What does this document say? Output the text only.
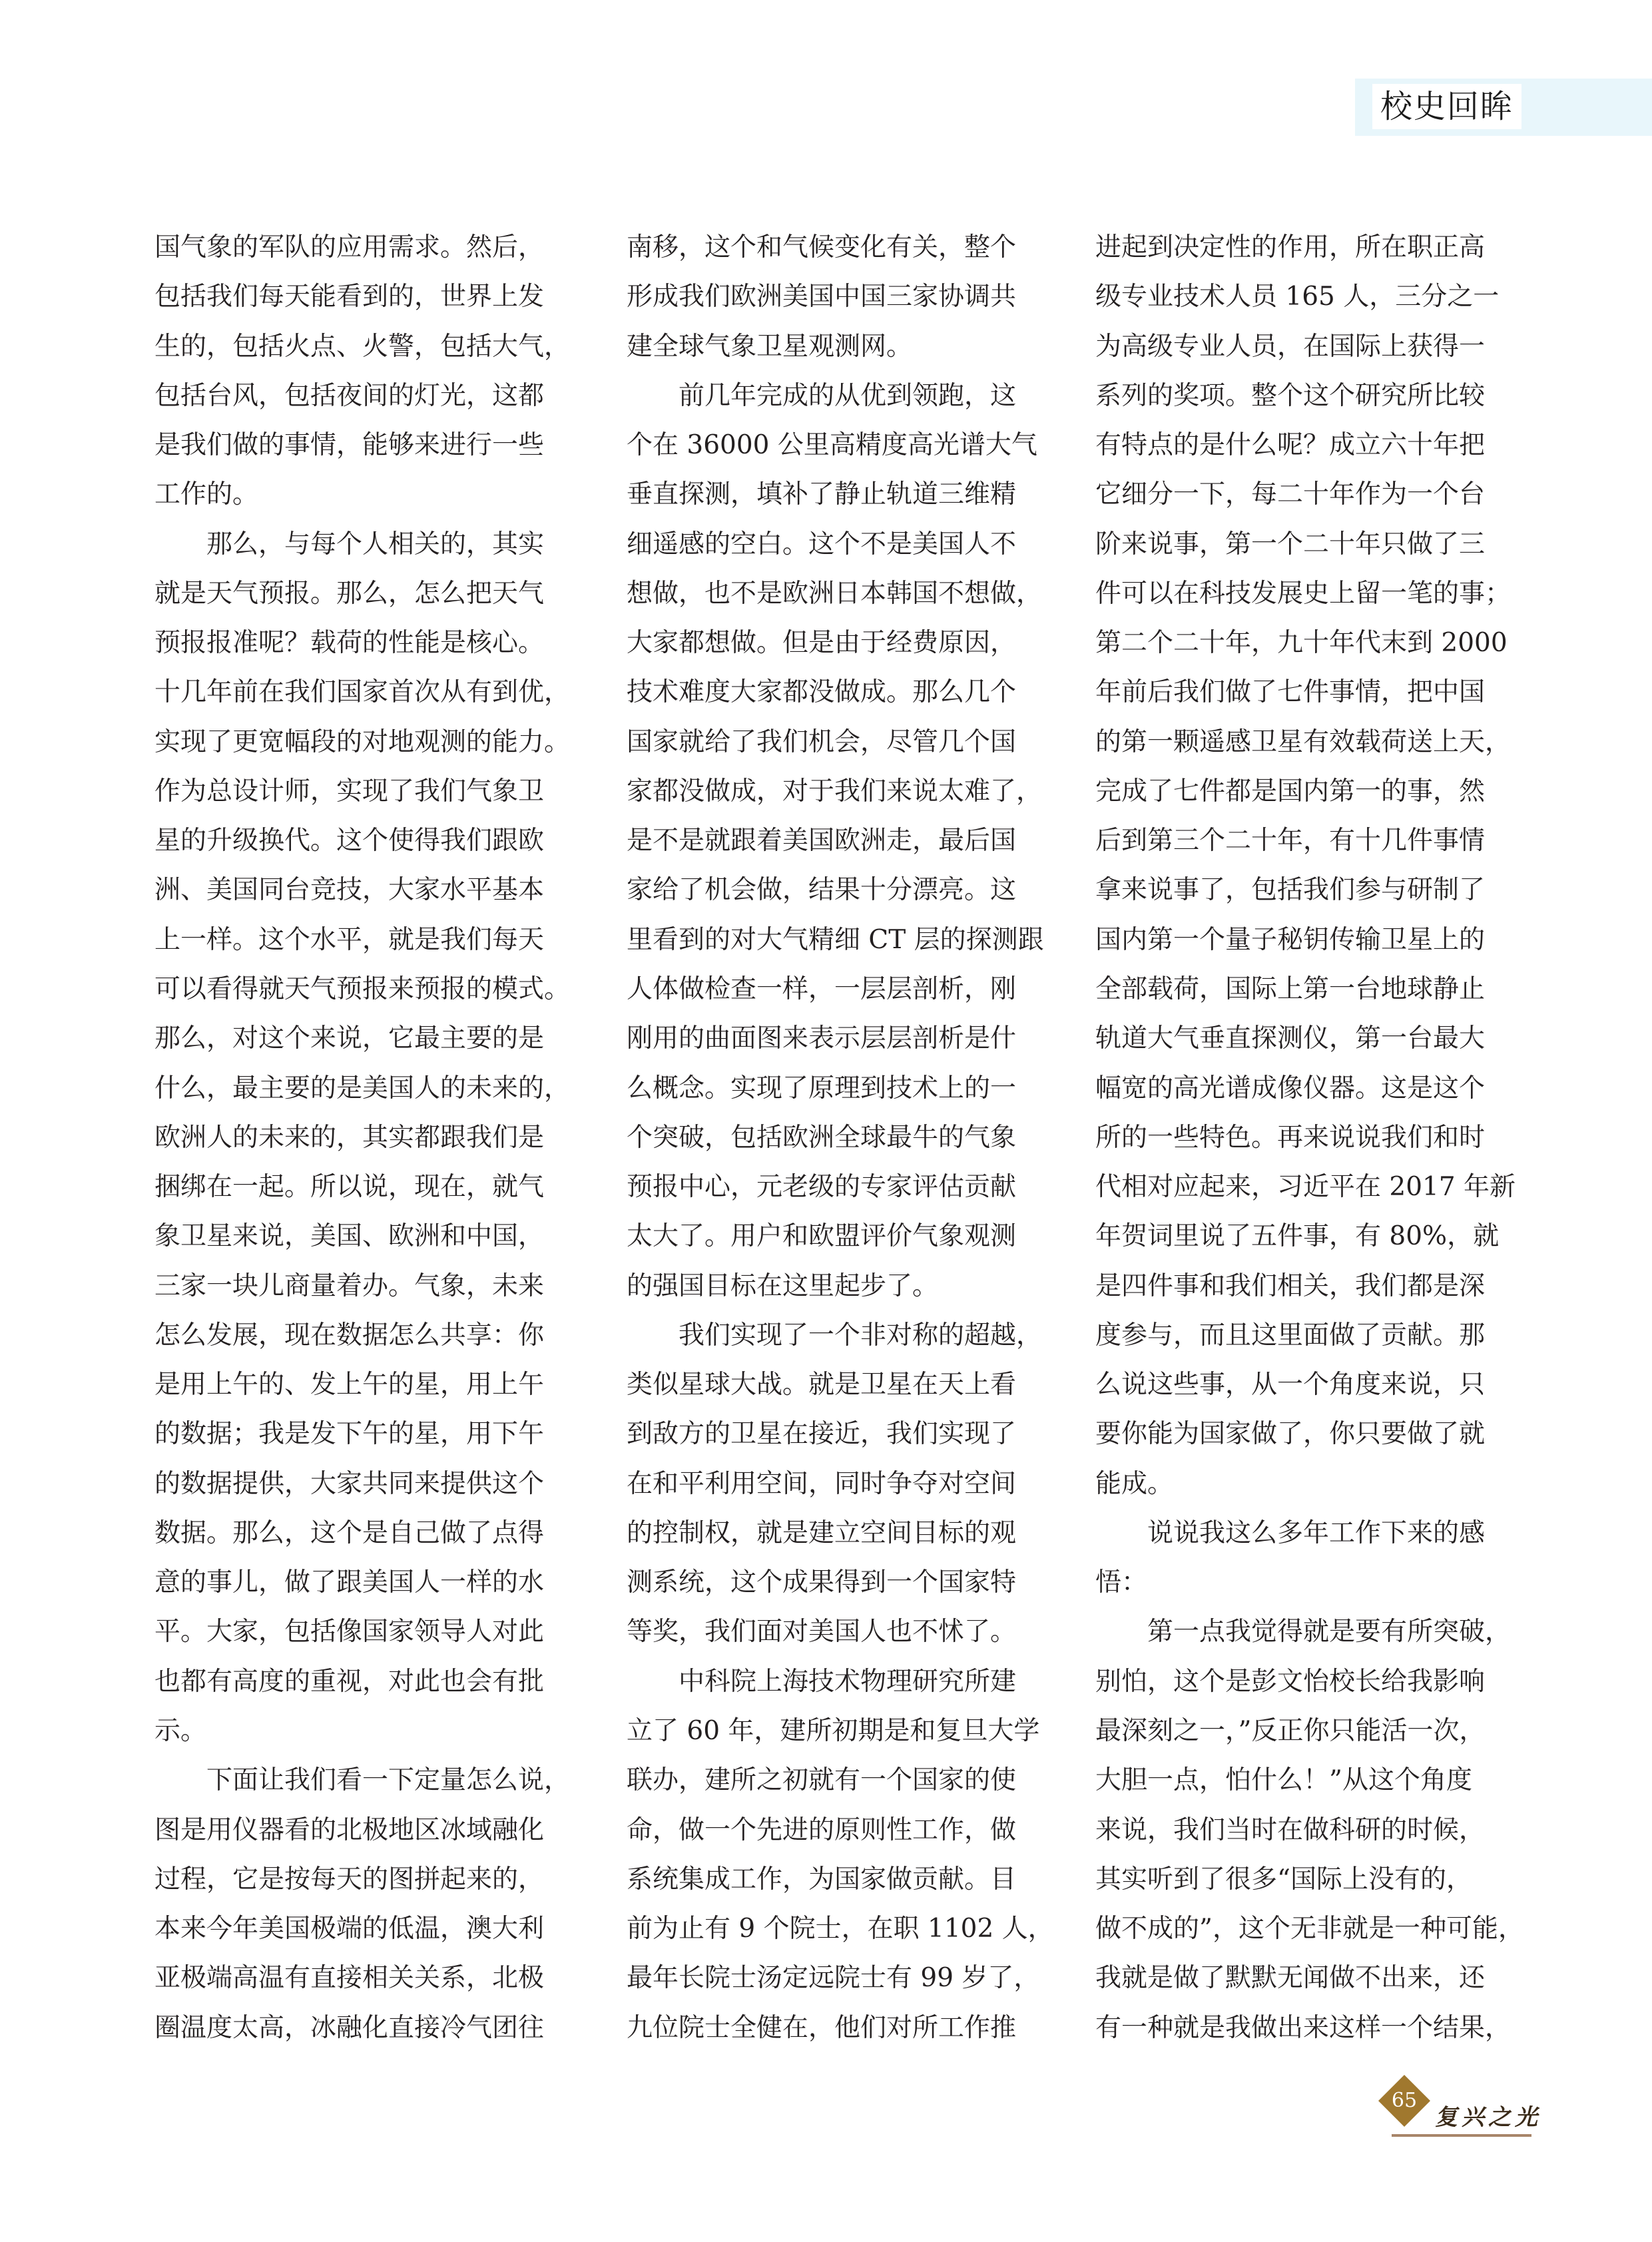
校史回眸
国气象的军队的应用需求。然后，
包括我们每天能看到的，世界上发
生的，包括火点、火警，包括大气，
包括台风，包括夜间的灯光，这都
是我们做的事情，能够来进行一些
工作的。
　　那么，与每个人相关的，其实
就是天气预报。那么，怎么把天气
预报报准呢？载荷的性能是核心。
十几年前在我们国家首次从有到优，
实现了更宽幅段的对地观测的能力。
作为总设计师，实现了我们气象卫
星的升级换代。这个使得我们跟欧
洲、美国同台竞技，大家水平基本
上一样。这个水平，就是我们每天
可以看得就天气预报来预报的模式。
那么，对这个来说，它最主要的是
什么，最主要的是美国人的未来的，
欧洲人的未来的，其实都跟我们是
捆绑在一起。所以说，现在，就气
象卫星来说，美国、欧洲和中国，
三家一块儿商量着办。气象，未来
怎么发展，现在数据怎么共享：你
是用上午的、发上午的星，用上午
的数据；我是发下午的星，用下午
的数据提供，大家共同来提供这个
数据。那么，这个是自己做了点得
意的事儿，做了跟美国人一样的水
平。大家，包括像国家领导人对此
也都有高度的重视，对此也会有批
示。
　　下面让我们看一下定量怎么说，
图是用仪器看的北极地区冰域融化
过程，它是按每天的图拼起来的，
本来今年美国极端的低温，澳大利
亚极端高温有直接相关关系，北极
圈温度太高，冰融化直接冷气团往
南移，这个和气候变化有关，整个
形成我们欧洲美国中国三家协调共
建全球气象卫星观测网。
　　前几年完成的从优到领跑，这
个在 36000 公里高精度高光谱大气
垂直探测，填补了静止轨道三维精
细遥感的空白。这个不是美国人不
想做，也不是欧洲日本韩国不想做，
大家都想做。但是由于经费原因，
技术难度大家都没做成。那么几个
国家就给了我们机会，尽管几个国
家都没做成，对于我们来说太难了，
是不是就跟着美国欧洲走，最后国
家给了机会做，结果十分漂亮。这
里看到的对大气精细 CT 层的探测跟
人体做检查一样，一层层剖析，刚
刚用的曲面图来表示层层剖析是什
么概念。实现了原理到技术上的一
个突破，包括欧洲全球最牛的气象
预报中心，元老级的专家评估贡献
太大了。用户和欧盟评价气象观测
的强国目标在这里起步了。
　　我们实现了一个非对称的超越，
类似星球大战。就是卫星在天上看
到敌方的卫星在接近，我们实现了
在和平利用空间，同时争夺对空间
的控制权，就是建立空间目标的观
测系统，这个成果得到一个国家特
等奖，我们面对美国人也不怵了。
　　中科院上海技术物理研究所建
立了 60 年，建所初期是和复旦大学
联办，建所之初就有一个国家的使
命，做一个先进的原则性工作，做
系统集成工作，为国家做贡献。目
前为止有 9 个院士，在职 1102 人，
最年长院士汤定远院士有 99 岁了，
九位院士全健在，他们对所工作推
进起到决定性的作用，所在职正高
级专业技术人员 165 人，三分之一
为高级专业人员，在国际上获得一
系列的奖项。整个这个研究所比较
有特点的是什么呢？成立六十年把
它细分一下，每二十年作为一个台
阶来说事，第一个二十年只做了三
件可以在科技发展史上留一笔的事；
第二个二十年，九十年代末到 2000
年前后我们做了七件事情，把中国
的第一颗遥感卫星有效载荷送上天，
完成了七件都是国内第一的事，然
后到第三个二十年，有十几件事情
拿来说事了，包括我们参与研制了
国内第一个量子秘钥传输卫星上的
全部载荷，国际上第一台地球静止
轨道大气垂直探测仪，第一台最大
幅宽的高光谱成像仪器。这是这个
所的一些特色。再来说说我们和时
代相对应起来，习近平在 2017 年新
年贺词里说了五件事，有 80%，就
是四件事和我们相关，我们都是深
度参与，而且这里面做了贡献。那
么说这些事，从一个角度来说，只
要你能为国家做了，你只要做了就
能成。
　　说说我这么多年工作下来的感
悟：
　　第一点我觉得就是要有所突破，
别怕，这个是彭文怡校长给我影响
最深刻之一，”反正你只能活一次，
大胆一点，怕什么！”从这个角度
来说，我们当时在做科研的时候，
其实听到了很多“国际上没有的，
做不成的”，这个无非就是一种可能，
我就是做了默默无闻做不出来，还
有一种就是我做出来这样一个结果，
65
复兴之光
